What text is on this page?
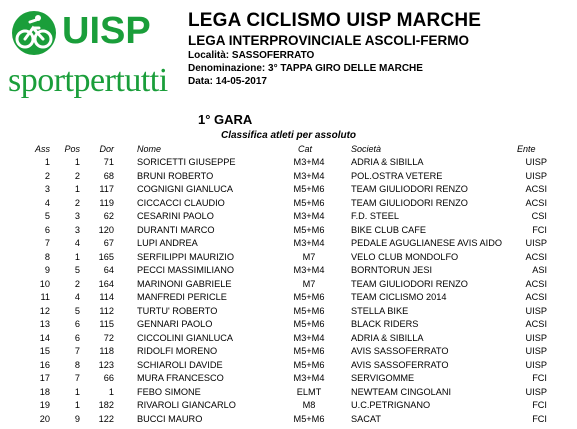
UISP
sportpertutti
LEGA CICLISMO UISP MARCHE
LEGA INTERPROVINCIALE ASCOLI-FERMO
Località: SASSOFERRATO
Denominazione: 3° TAPPA GIRO DELLE MARCHE
Data: 14-05-2017
1° GARA
Classifica atleti per assoluto
Ass	Pos	Dor	Nome	Cat	Società	Ente
1	1	71	SORICETTI GIUSEPPE	M3+M4	ADRIA & SIBILLA	UISP
2	2	68	BRUNI ROBERTO	M3+M4	POL.OSTRA VETERE	UISP
3	1	117	COGNIGNI GIANLUCA	M5+M6	TEAM GIULIODORI RENZO	ACSI
4	2	119	CICCACCI CLAUDIO	M5+M6	TEAM GIULIODORI RENZO	ACSI
5	3	62	CESARINI PAOLO	M3+M4	F.D. STEEL	CSI
6	3	120	DURANTI MARCO	M5+M6	BIKE CLUB CAFE	FCI
7	4	67	LUPI ANDREA	M3+M4	PEDALE AGUGLIANESE AVIS AIDO	UISP
8	1	165	SERFILIPPI MAURIZIO	M7	VELO CLUB MONDOLFO	ACSI
9	5	64	PECCI MASSIMILIANO	M3+M4	BORNTORUN JESI	ASI
10	2	164	MARINONI GABRIELE	M7	TEAM GIULIODORI RENZO	ACSI
11	4	114	MANFREDI PERICLE	M5+M6	TEAM CICLISMO 2014	ACSI
12	5	112	TURTU' ROBERTO	M5+M6	STELLA BIKE	UISP
13	6	115	GENNARI PAOLO	M5+M6	BLACK RIDERS	ACSI
14	6	72	CICCOLINI GIANLUCA	M3+M4	ADRIA & SIBILLA	UISP
15	7	118	RIDOLFI MORENO	M5+M6	AVIS SASSOFERRATO	UISP
16	8	123	SCHIAROLI DAVIDE	M5+M6	AVIS SASSOFERRATO	UISP
17	7	66	MURA FRANCESCO	M3+M4	SERVIGOMME	FCI
18	1	1	FEBO SIMONE	ELMT	NEWTEAM CINGOLANI	UISP
19	1	182	RIVAROLI GIANCARLO	M8	U.C.PETRIGNANO	FCI
20	9	122	BUCCI MAURO	M5+M6	SACAT	FCI
